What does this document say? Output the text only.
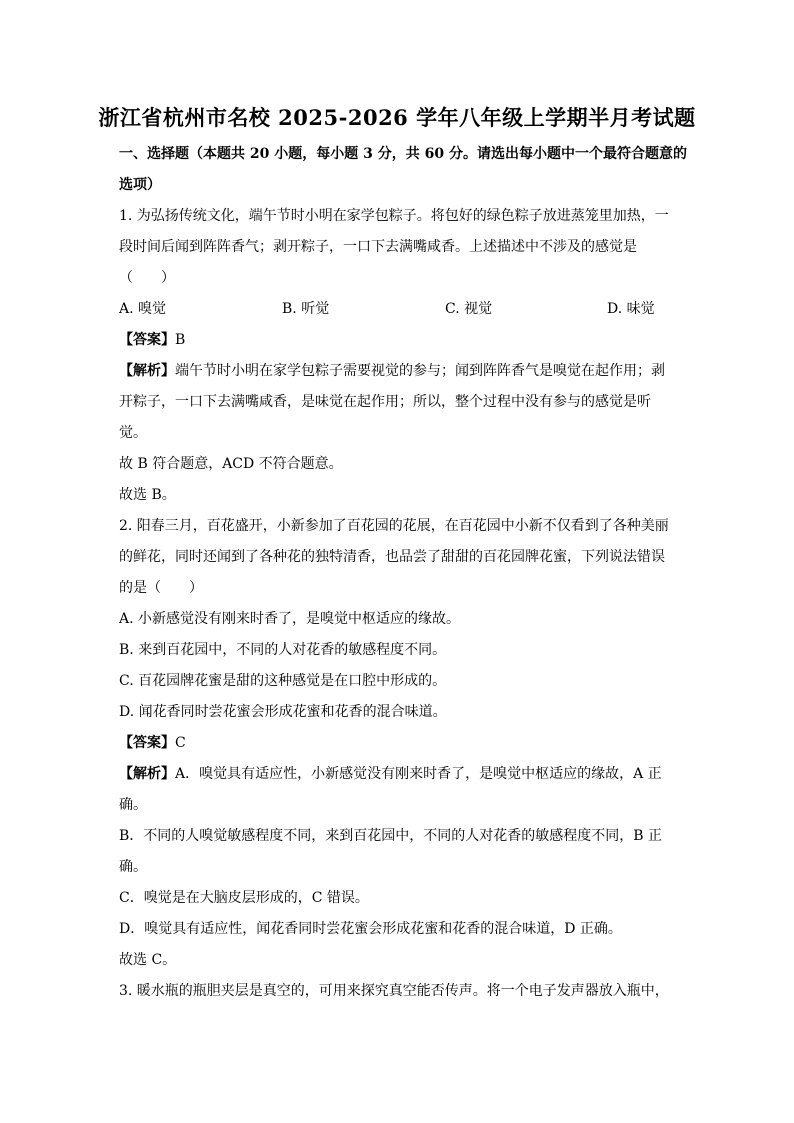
浙江省杭州市名校 2025-2026 学年八年级上学期半月考试题
一、选择题（本题共 20 小题，每小题 3 分，共 60 分。请选出每小题中一个最符合题意的
选项）
1. 为弘扬传统文化，端午节时小明在家学包粽子。将包好的绿色粽子放进蒸笼里加热，一
段时间后闻到阵阵香气；剥开粽子，一口下去满嘴咸香。上述描述中不涉及的感觉是
（　　）
A. 嗅觉	B. 听觉	C. 视觉	D. 味觉
【答案】B
【解析】端午节时小明在家学包粽子需要视觉的参与；闻到阵阵香气是嗅觉在起作用；剥
开粽子，一口下去满嘴咸香，是味觉在起作用；所以，整个过程中没有参与的感觉是听
觉。
故 B 符合题意，ACD 不符合题意。
故选 B。
2. 阳春三月，百花盛开，小新参加了百花园的花展，在百花园中小新不仅看到了各种美丽
的鲜花，同时还闻到了各种花的独特清香，也品尝了甜甜的百花园牌花蜜，下列说法错误
的是（　　）
A. 小新感觉没有刚来时香了，是嗅觉中枢适应的缘故。
B. 来到百花园中，不同的人对花香的敏感程度不同。
C. 百花园牌花蜜是甜的这种感觉是在口腔中形成的。
D. 闻花香同时尝花蜜会形成花蜜和花香的混合味道。
【答案】C
【解析】A．嗅觉具有适应性，小新感觉没有刚来时香了，是嗅觉中枢适应的缘故，A 正
确。
B．不同的人嗅觉敏感程度不同，来到百花园中，不同的人对花香的敏感程度不同，B 正
确。
C．嗅觉是在大脑皮层形成的，C 错误。
D．嗅觉具有适应性，闻花香同时尝花蜜会形成花蜜和花香的混合味道，D 正确。
故选 C。
3. 暖水瓶的瓶胆夹层是真空的，可用来探究真空能否传声。将一个电子发声器放入瓶中，
